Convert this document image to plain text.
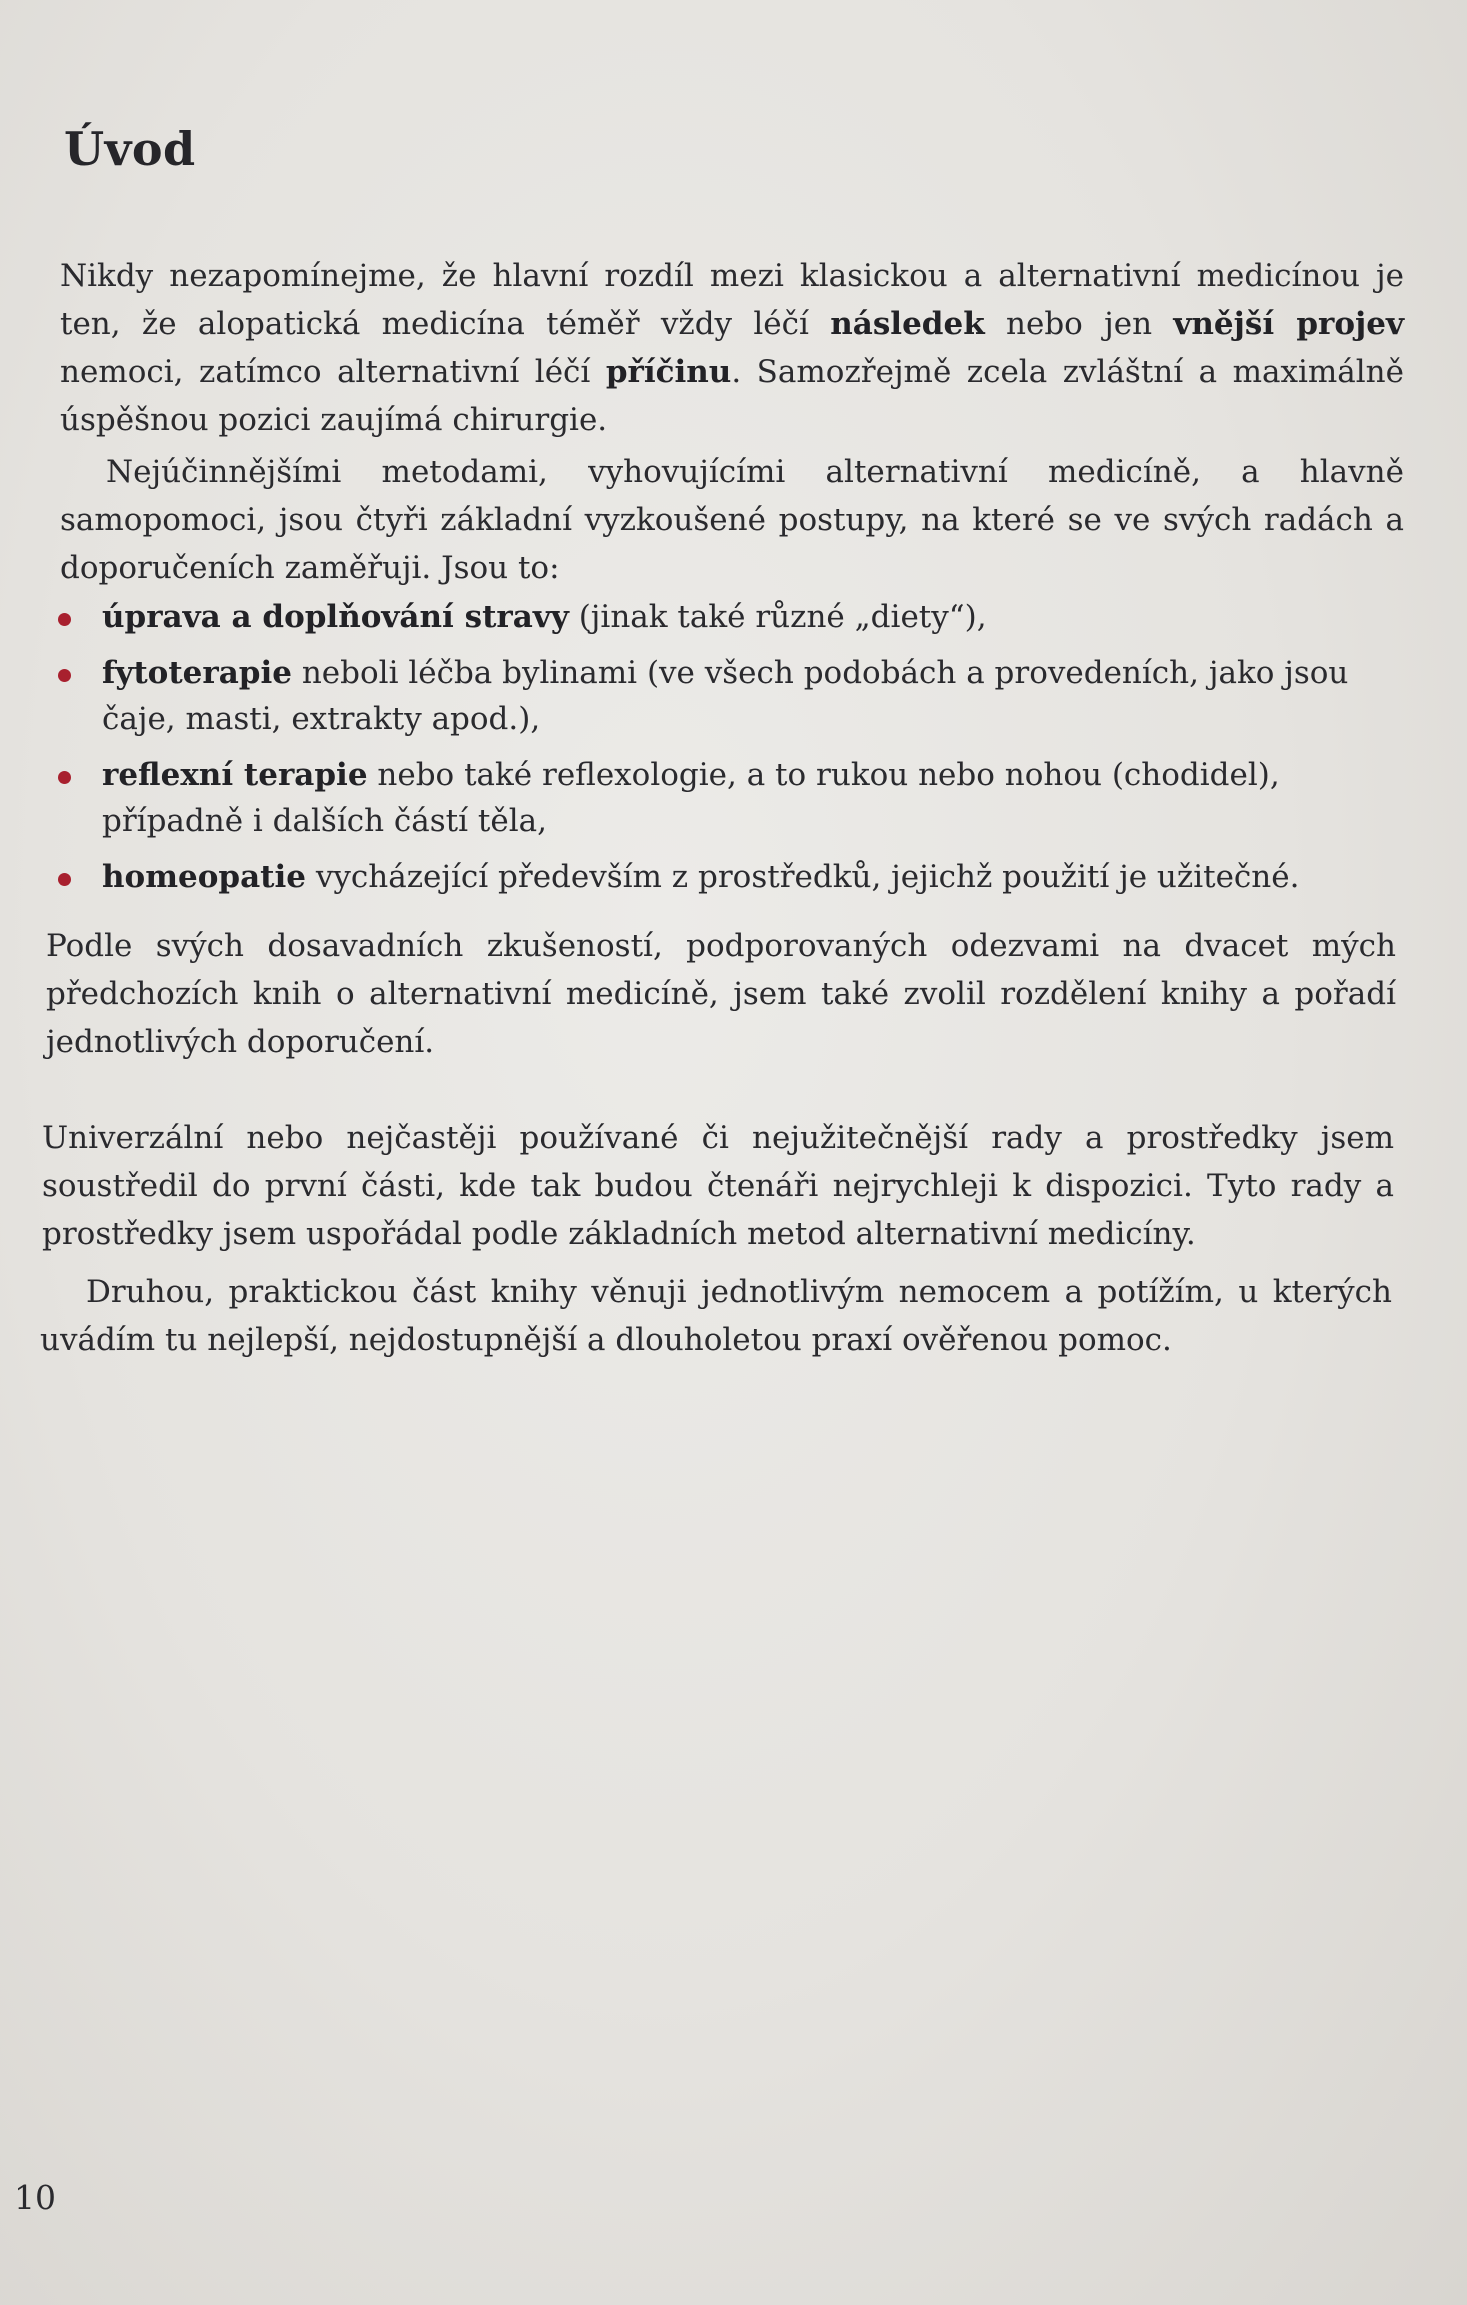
Úvod

Nikdy nezapomínejme, že hlavní rozdíl mezi klasickou a alternativní medicínou je ten, že alopatická medicína téměř vždy léčí následek nebo jen vnější projev nemoci, zatímco alternativní léčí příčinu. Samozřejmě zcela zvláštní a maximálně úspěšnou pozici zaujímá chirurgie.

Nejúčinnějšími metodami, vyhovujícími alternativní medicíně, a hlavně samopomoci, jsou čtyři základní vyzkoušené postupy, na které se ve svých radách a doporučeních zaměřuji. Jsou to:

úprava a doplňování stravy (jinak také různé „diety“),
fytoterapie neboli léčba bylinami (ve všech podobách a provedeních, jako jsou čaje, masti, extrakty apod.),
reflexní terapie nebo také reflexologie, a to rukou nebo nohou (chodidel), případně i dalších částí těla,
homeopatie vycházející především z prostředků, jejichž použití je užitečné.

Podle svých dosavadních zkušeností, podporovaných odezvami na dvacet mých předchozích knih o alternativní medicíně, jsem také zvolil rozdělení knihy a pořadí jednotlivých doporučení.

Univerzální nebo nejčastěji používané či nejužitečnější rady a prostředky jsem soustředil do první části, kde tak budou čtenáři nejrychleji k dispozici. Tyto rady a prostředky jsem uspořádal podle základních metod alternativní medicíny.

Druhou, praktickou část knihy věnuji jednotlivým nemocem a potížím, u kterých uvádím tu nejlepší, nejdostupnější a dlouholetou praxí ověřenou pomoc.

10
